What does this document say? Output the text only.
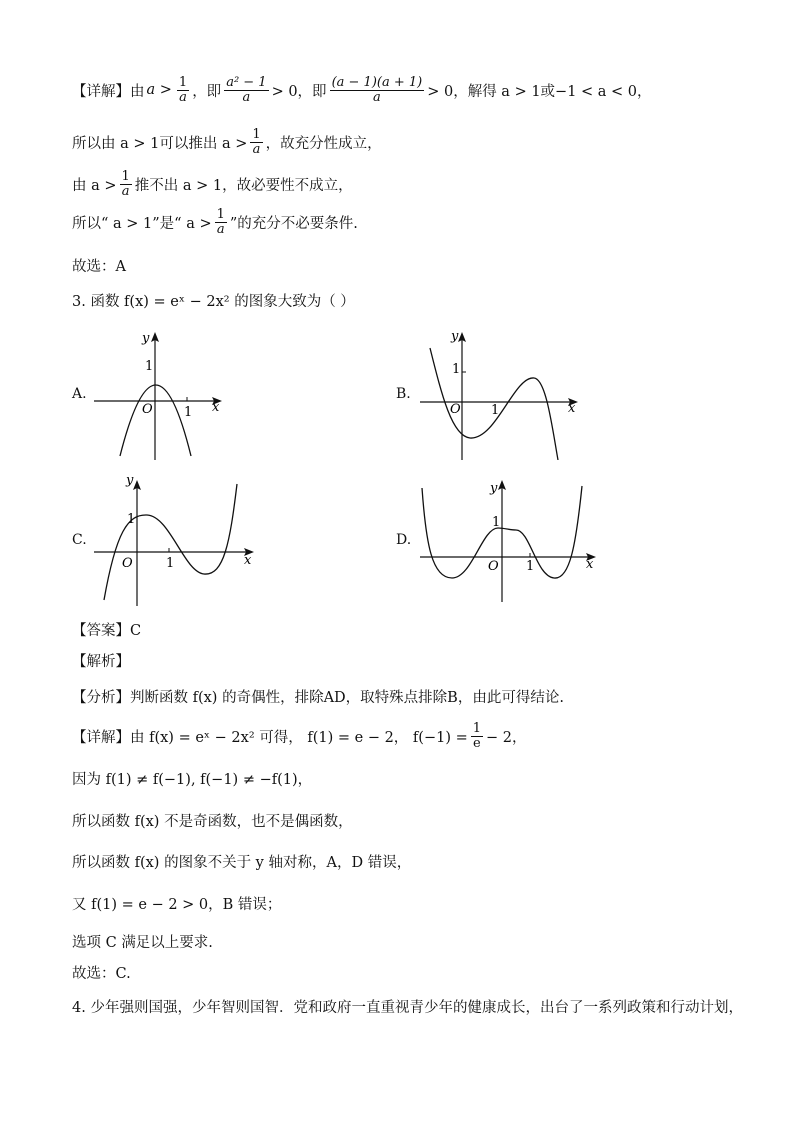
【详解】由 $a > \frac{1}{a}$ ，即 $\frac{\text{a² − 1}}{a} > 0$，即 $\frac{(a - 1)(a + 1)}{a} > 0$，解得 a > 1或−1 < a < 0，
所以由 a > 1可以推出 $a > \frac{1}{a}$ ，故充分性成立，
由 $a > \frac{1}{a}$ 推不出 a > 1，故必要性不成立，
所以“ a > 1”是“ $a > \frac{1}{a}$ ”的充分不必要条件.
故选：A
3. 函数 f(x) = eˣ − 2x² 的图象大致为（ ）
A.
O 1
1
x
y
B.
O 1
1
x
y
C.
O	1
1
x
y
D.
O 1
1
x
y
【答案】C
【解析】
【分析】判断函数 f(x) 的奇偶性，排除AD，取特殊点排除B，由此可得结论.
【详解】由 f(x) = eˣ − 2x² 可得， f(1) = e − 2， $f(-1) = \frac{1}{e} - 2$，
因为 f(1) ≠ f(−1), f(−1) ≠ −f(1)，
所以函数 f(x) 不是奇函数，也不是偶函数，
所以函数 f(x) 的图象不关于 y 轴对称，A，D 错误，
又 f(1) = e − 2 > 0，B 错误；
选项 C 满足以上要求.
故选：C.
4. 少年强则国强，少年智则国智．党和政府一直重视青少年的健康成长，出台了一系列政策和行动计划，
